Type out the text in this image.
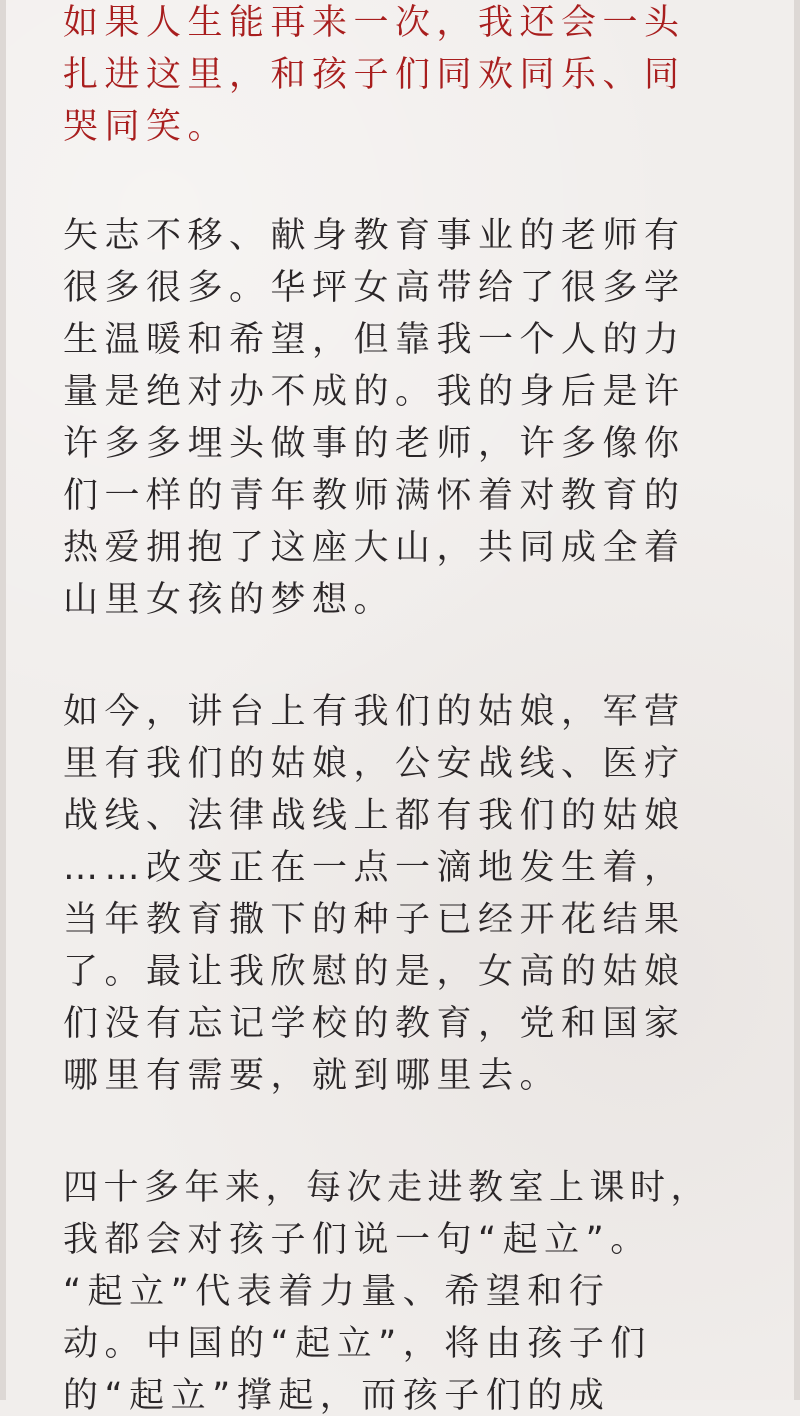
如果人生能再来一次，我还会一头

扎进这里，和孩子们同欢同乐、同

哭同笑。

矢志不移、献身教育事业的老师有

很多很多。华坪女高带给了很多学

生温暖和希望，但靠我一个人的力

量是绝对办不成的。我的身后是许

许多多埋头做事的老师，许多像你

们一样的青年教师满怀着对教育的

热爱拥抱了这座大山，共同成全着

山里女孩的梦想。

如今，讲台上有我们的姑娘，军营

里有我们的姑娘，公安战线、医疗

战线、法律战线上都有我们的姑娘

……改变正在一点一滴地发生着，

当年教育撒下的种子已经开花结果

了。最让我欣慰的是，女高的姑娘

们没有忘记学校的教育，党和国家

哪里有需要，就到哪里去。

四十多年来，每次走进教室上课时，

我都会对孩子们说一句“起立”。

“起立”代表着力量、希望和行

动。中国的“起立”，将由孩子们

的“起立”撑起，而孩子们的成
